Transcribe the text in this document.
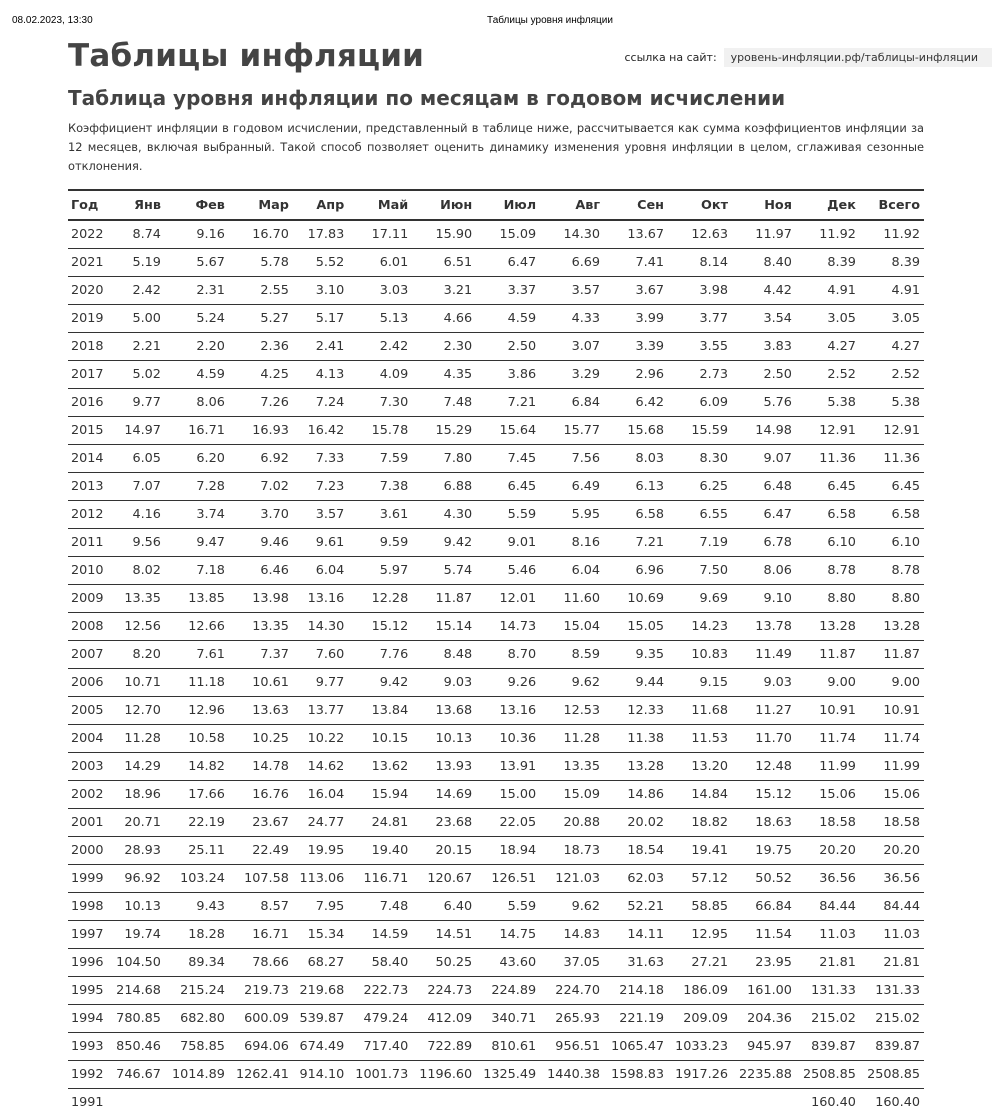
08.02.2023, 13:30	Таблицы уровня инфляции
Таблицы инфляции	ссылка на сайт:	уровень-инфляции.рф/таблицы-инфляции
Таблица уровня инфляции по месяцам в годовом исчислении

Коэффициент инфляции в годовом исчислении, представленный в таблице ниже, рассчитывается как сумма коэффициентов инфляции за 12 месяцев, включая выбранный. Такой способ позволяет оценить динамику изменения уровня инфляции в целом, сглаживая сезонные отклонения.

Год	Янв	Фев	Мар	Апр	Май	Июн	Июл	Авг	Сен	Окт	Ноя	Дек	Всего
2022	8.74	9.16	16.70	17.83	17.11	15.90	15.09	14.30	13.67	12.63	11.97	11.92	11.92
2021	5.19	5.67	5.78	5.52	6.01	6.51	6.47	6.69	7.41	8.14	8.40	8.39	8.39
2020	2.42	2.31	2.55	3.10	3.03	3.21	3.37	3.57	3.67	3.98	4.42	4.91	4.91
2019	5.00	5.24	5.27	5.17	5.13	4.66	4.59	4.33	3.99	3.77	3.54	3.05	3.05
2018	2.21	2.20	2.36	2.41	2.42	2.30	2.50	3.07	3.39	3.55	3.83	4.27	4.27
2017	5.02	4.59	4.25	4.13	4.09	4.35	3.86	3.29	2.96	2.73	2.50	2.52	2.52
2016	9.77	8.06	7.26	7.24	7.30	7.48	7.21	6.84	6.42	6.09	5.76	5.38	5.38
2015	14.97	16.71	16.93	16.42	15.78	15.29	15.64	15.77	15.68	15.59	14.98	12.91	12.91
2014	6.05	6.20	6.92	7.33	7.59	7.80	7.45	7.56	8.03	8.30	9.07	11.36	11.36
2013	7.07	7.28	7.02	7.23	7.38	6.88	6.45	6.49	6.13	6.25	6.48	6.45	6.45
2012	4.16	3.74	3.70	3.57	3.61	4.30	5.59	5.95	6.58	6.55	6.47	6.58	6.58
2011	9.56	9.47	9.46	9.61	9.59	9.42	9.01	8.16	7.21	7.19	6.78	6.10	6.10
2010	8.02	7.18	6.46	6.04	5.97	5.74	5.46	6.04	6.96	7.50	8.06	8.78	8.78
2009	13.35	13.85	13.98	13.16	12.28	11.87	12.01	11.60	10.69	9.69	9.10	8.80	8.80
2008	12.56	12.66	13.35	14.30	15.12	15.14	14.73	15.04	15.05	14.23	13.78	13.28	13.28
2007	8.20	7.61	7.37	7.60	7.76	8.48	8.70	8.59	9.35	10.83	11.49	11.87	11.87
2006	10.71	11.18	10.61	9.77	9.42	9.03	9.26	9.62	9.44	9.15	9.03	9.00	9.00
2005	12.70	12.96	13.63	13.77	13.84	13.68	13.16	12.53	12.33	11.68	11.27	10.91	10.91
2004	11.28	10.58	10.25	10.22	10.15	10.13	10.36	11.28	11.38	11.53	11.70	11.74	11.74
2003	14.29	14.82	14.78	14.62	13.62	13.93	13.91	13.35	13.28	13.20	12.48	11.99	11.99
2002	18.96	17.66	16.76	16.04	15.94	14.69	15.00	15.09	14.86	14.84	15.12	15.06	15.06
2001	20.71	22.19	23.67	24.77	24.81	23.68	22.05	20.88	20.02	18.82	18.63	18.58	18.58
2000	28.93	25.11	22.49	19.95	19.40	20.15	18.94	18.73	18.54	19.41	19.75	20.20	20.20
1999	96.92	103.24	107.58	113.06	116.71	120.67	126.51	121.03	62.03	57.12	50.52	36.56	36.56
1998	10.13	9.43	8.57	7.95	7.48	6.40	5.59	9.62	52.21	58.85	66.84	84.44	84.44
1997	19.74	18.28	16.71	15.34	14.59	14.51	14.75	14.83	14.11	12.95	11.54	11.03	11.03
1996	104.50	89.34	78.66	68.27	58.40	50.25	43.60	37.05	31.63	27.21	23.95	21.81	21.81
1995	214.68	215.24	219.73	219.68	222.73	224.73	224.89	224.70	214.18	186.09	161.00	131.33	131.33
1994	780.85	682.80	600.09	539.87	479.24	412.09	340.71	265.93	221.19	209.09	204.36	215.02	215.02
1993	850.46	758.85	694.06	674.49	717.40	722.89	810.61	956.51	1065.47	1033.23	945.97	839.87	839.87
1992	746.67	1014.89	1262.41	914.10	1001.73	1196.60	1325.49	1440.38	1598.83	1917.26	2235.88	2508.85	2508.85
1991												160.40	160.40
